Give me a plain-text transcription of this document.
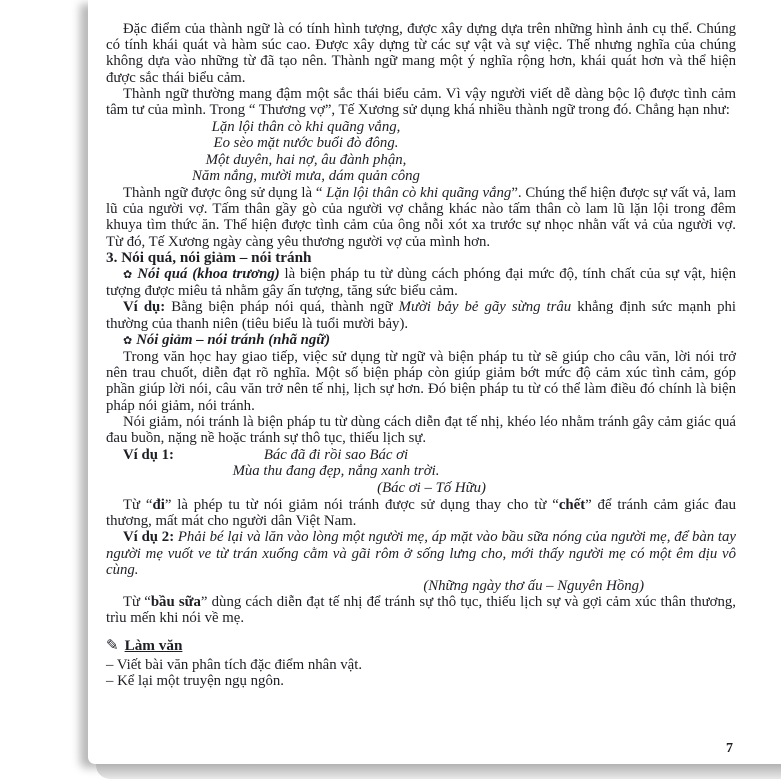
Đặc điểm của thành ngữ là có tính hình tượng, được xây dựng dựa trên những hình ảnh cụ thể. Chúng có tính khái quát và hàm súc cao. Được xây dựng từ các sự vật và sự việc. Thế nhưng nghĩa của chúng không dựa vào những từ đã tạo nên. Thành ngữ mang một ý nghĩa rộng hơn, khái quát hơn và thể hiện được sắc thái biểu cảm.

Thành ngữ thường mang đậm một sắc thái biểu cảm. Vì vậy người viết dễ dàng bộc lộ được tình cảm tâm tư của mình. Trong “ Thương vợ”, Tế Xương sử dụng khá nhiều thành ngữ trong đó. Chẳng hạn như:

Lặn lội thân cò khi quãng vắng,
Eo sèo mặt nước buổi đò đông.
Một duyên, hai nợ, âu đành phận,
Năm nắng, mười mưa, dám quản công

Thành ngữ được ông sử dụng là “ Lặn lội thân cò khi quãng vắng”. Chúng thể hiện được sự vất vả, lam lũ của người vợ. Tấm thân gầy gò của người vợ chẳng khác nào tấm thân cò lam lũ lặn lội trong đêm khuya tìm thức ăn. Thể hiện được tình cảm của ông nỗi xót xa trước sự nhọc nhằn vất vả của người vợ. Từ đó, Tế Xương ngày càng yêu thương người vợ của mình hơn.

3. Nói quá, nói giảm – nói tránh

✿ Nói quá (khoa trương) là biện pháp tu từ dùng cách phóng đại mức độ, tính chất của sự vật, hiện tượng được miêu tả nhằm gây ấn tượng, tăng sức biểu cảm.

Ví dụ: Bằng biện pháp nói quá, thành ngữ Mười bảy bẻ gãy sừng trâu khẳng định sức mạnh phi thường của thanh niên (tiêu biểu là tuổi mười bảy).

✿ Nói giảm – nói tránh (nhã ngữ)

Trong văn học hay giao tiếp, việc sử dụng từ ngữ và biện pháp tu từ sẽ giúp cho câu văn, lời nói trở nên trau chuốt, diễn đạt rõ nghĩa. Một số biện pháp còn giúp giảm bớt mức độ cảm xúc tình cảm, góp phần giúp lời nói, câu văn trở nên tế nhị, lịch sự hơn. Đó biện pháp tu từ có thể làm điều đó chính là biện pháp nói giảm, nói tránh.

Nói giảm, nói tránh là biện pháp tu từ dùng cách diễn đạt tế nhị, khéo léo nhằm tránh gây cảm giác quá đau buồn, nặng nề hoặc tránh sự thô tục, thiếu lịch sự.

Ví dụ 1:	Bác đã đi rồi sao Bác ơi
Mùa thu đang đẹp, nắng xanh trời.
(Bác ơi – Tố Hữu)

Từ “đi” là phép tu từ nói giảm nói tránh được sử dụng thay cho từ “chết” để tránh cảm giác đau thương, mất mát cho người dân Việt Nam.

Ví dụ 2: Phải bé lại và lăn vào lòng một người mẹ, áp mặt vào bầu sữa nóng của người mẹ, để bàn tay người mẹ vuốt ve từ trán xuống cằm và gãi rôm ở sống lưng cho, mới thấy người mẹ có một êm dịu vô cùng.

(Những ngày thơ ấu – Nguyên Hồng)

Từ “bầu sữa” dùng cách diễn đạt tế nhị để tránh sự thô tục, thiếu lịch sự và gợi cảm xúc thân thương, trìu mến khi nói về mẹ.

✎ Làm văn

– Viết bài văn phân tích đặc điểm nhân vật.

– Kể lại một truyện ngụ ngôn.

7
